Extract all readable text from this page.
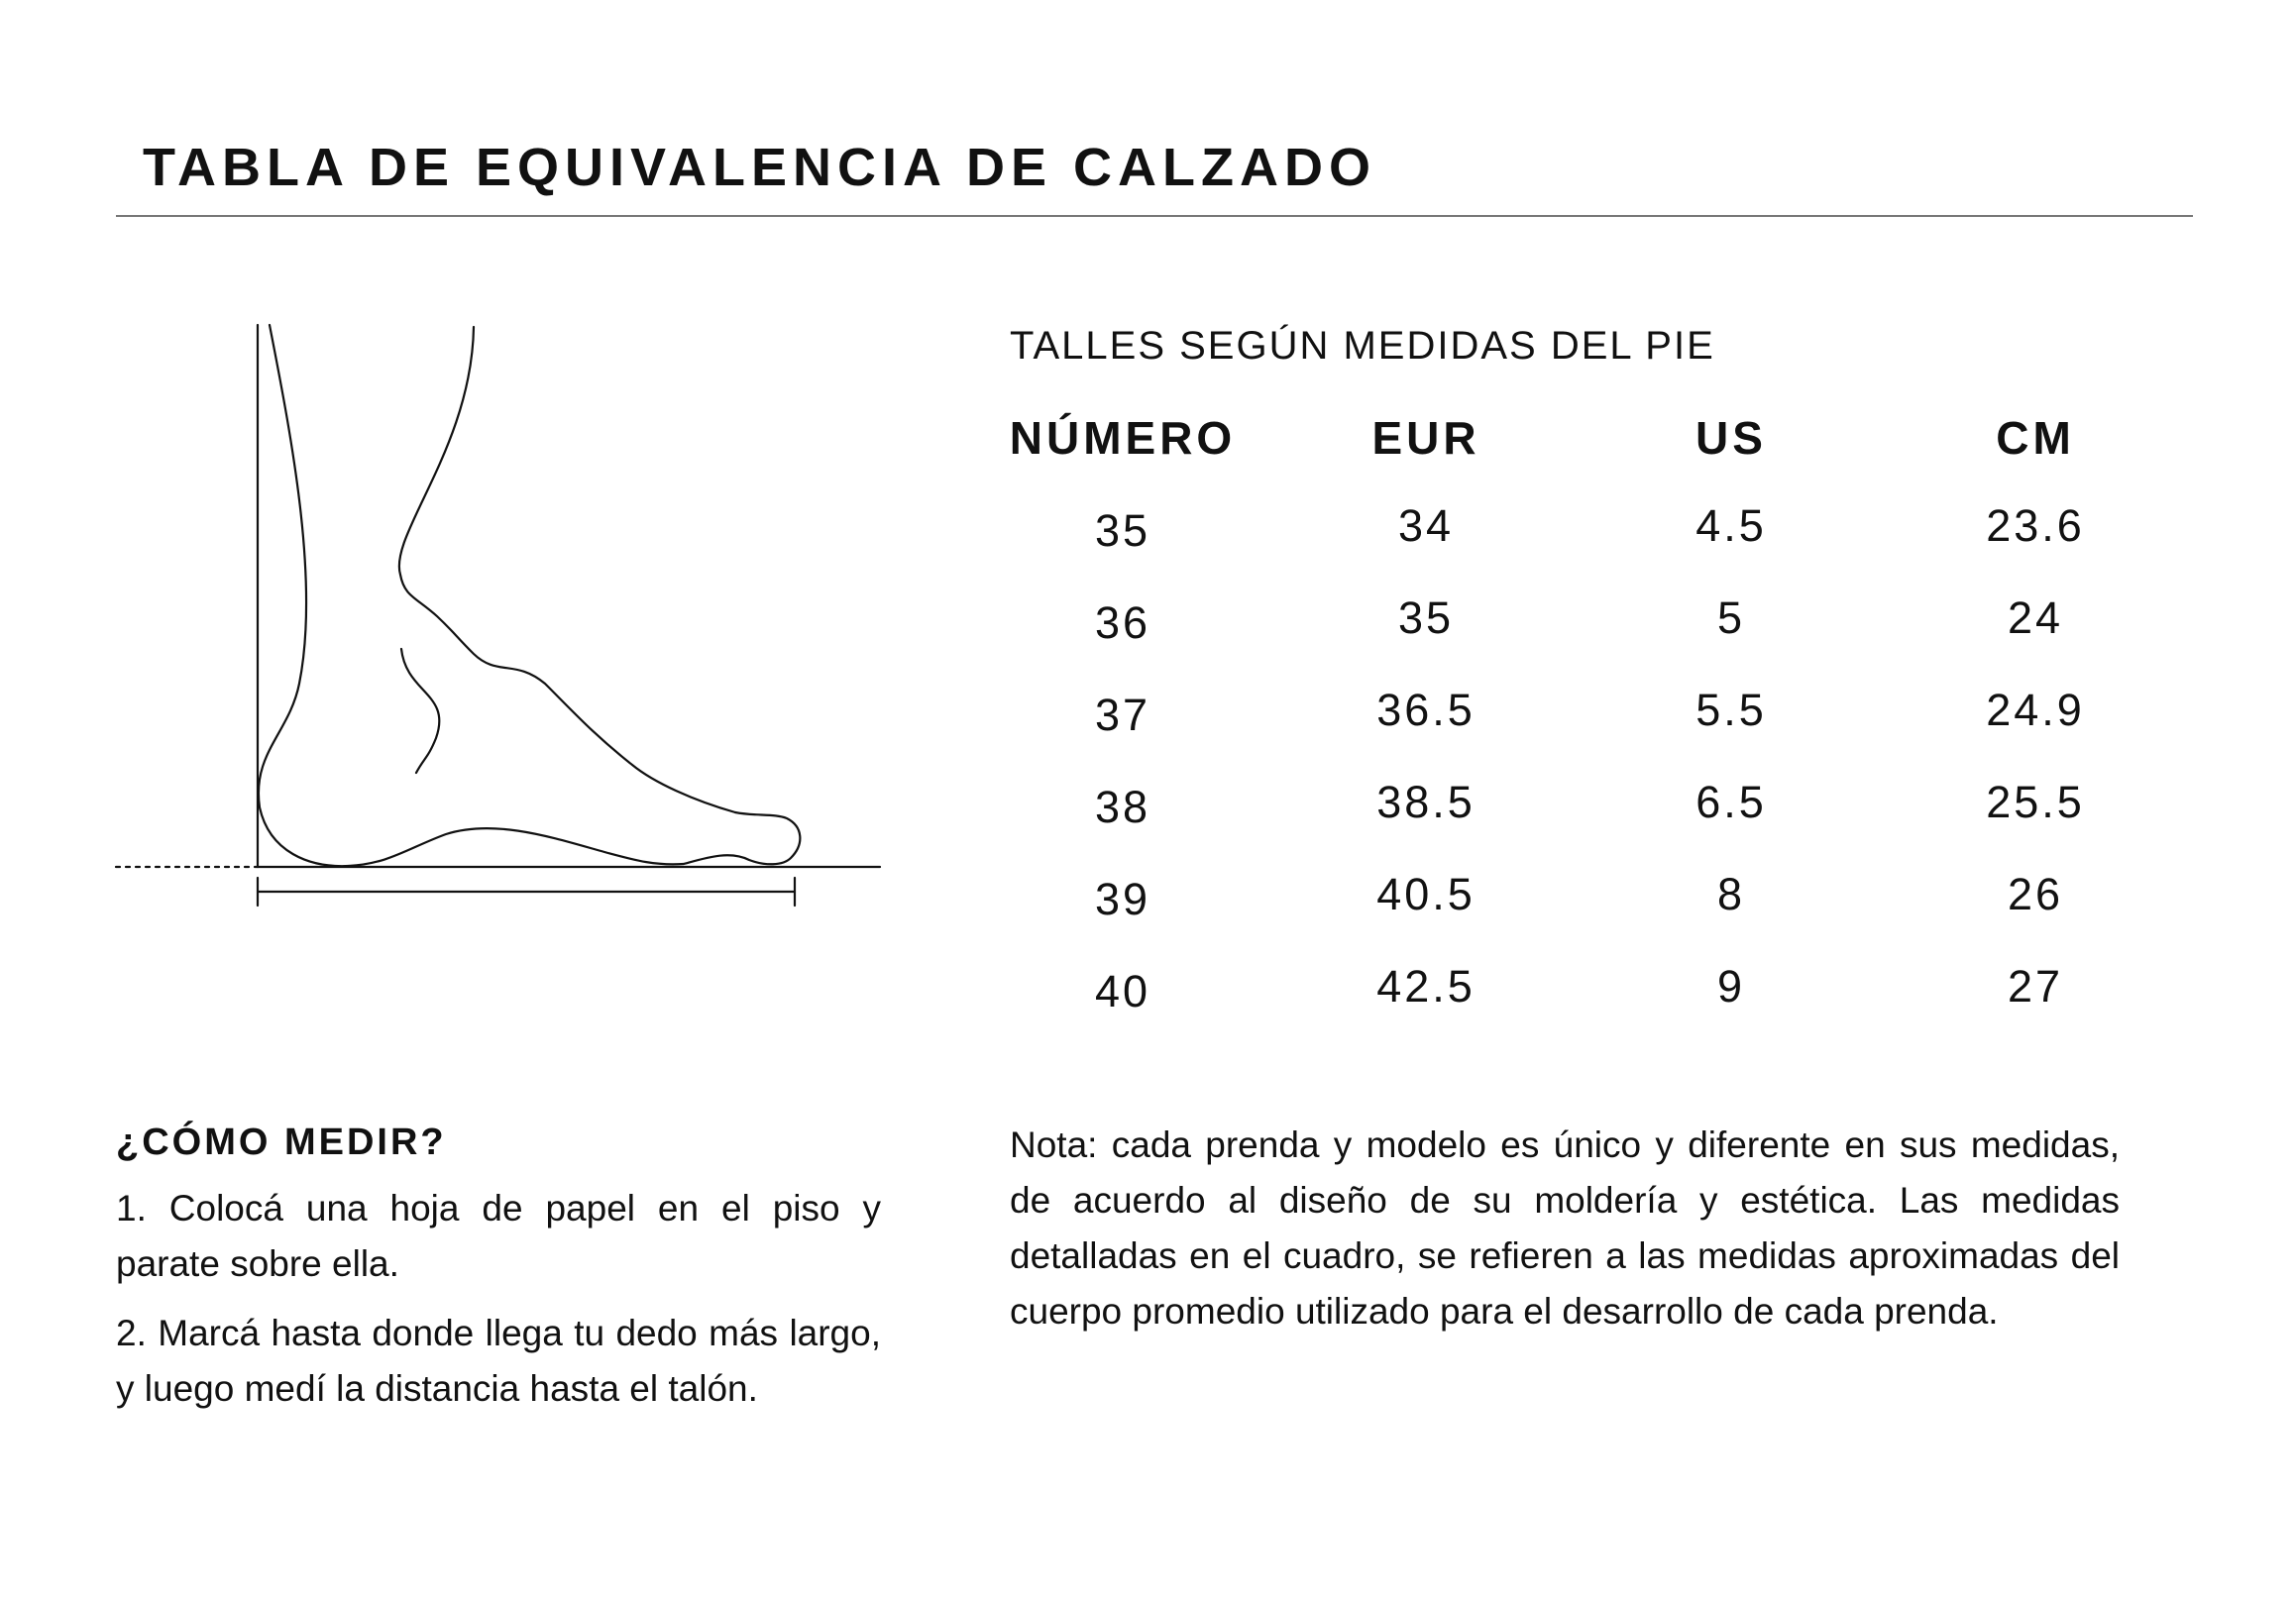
TABLA DE EQUIVALENCIA DE CALZADO
TALLES SEGÚN MEDIDAS DEL PIE
NÚMERO	EUR	US	CM
35	34	4.5	23.6
36	35	5	24
37	36.5	5.5	24.9
38	38.5	6.5	25.5
39	40.5	8	26
40	42.5	9	27
¿CÓMO MEDIR?
1. Colocá una hoja de papel en el piso y parate sobre ella.
2. Marcá hasta donde llega tu dedo más largo, y luego medí la distancia hasta el talón.
Nota: cada prenda y modelo es único y diferente en sus medidas, de acuerdo al diseño de su moldería y estética. Las medidas detalladas en el cuadro, se refieren a las medidas aproximadas del cuerpo promedio utilizado para el desarrollo de cada prenda.
